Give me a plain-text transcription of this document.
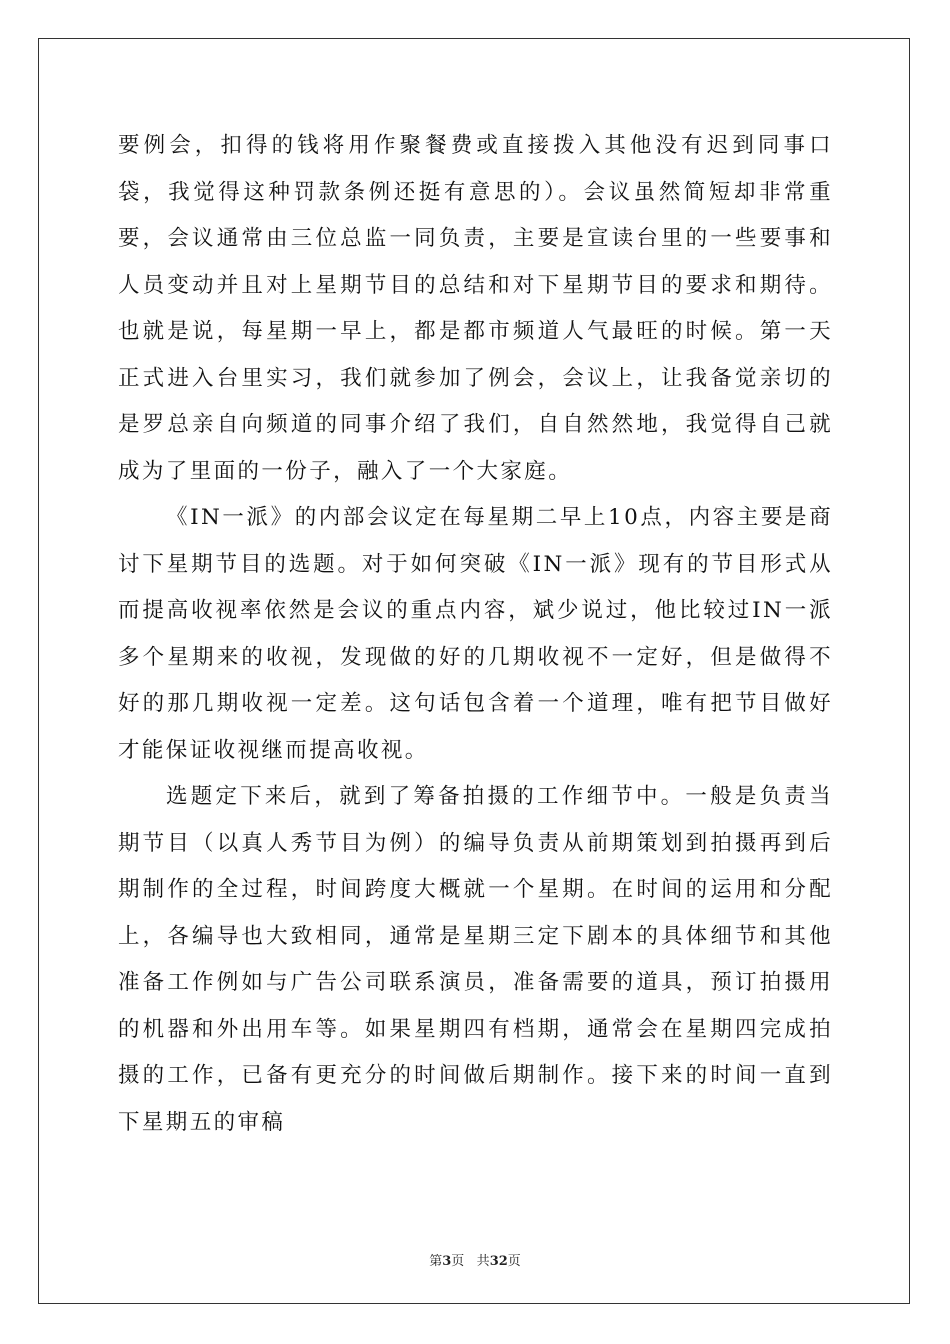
要例会，扣得的钱将用作聚餐费或直接拨入其他没有迟到同事口袋，我觉得这种罚款条例还挺有意思的）。会议虽然简短却非常重要，会议通常由三位总监一同负责，主要是宣读台里的一些要事和人员变动并且对上星期节目的总结和对下星期节目的要求和期待。也就是说，每星期一早上，都是都市频道人气最旺的时候。第一天正式进入台里实习，我们就参加了例会，会议上，让我备觉亲切的是罗总亲自向频道的同事介绍了我们，自自然然地，我觉得自己就成为了里面的一份子，融入了一个大家庭。

《IN一派》的内部会议定在每星期二早上10点，内容主要是商讨下星期节目的选题。对于如何突破《IN一派》现有的节目形式从而提高收视率依然是会议的重点内容，斌少说过，他比较过IN一派多个星期来的收视，发现做的好的几期收视不一定好，但是做得不好的那几期收视一定差。这句话包含着一个道理，唯有把节目做好才能保证收视继而提高收视。

选题定下来后，就到了筹备拍摄的工作细节中。一般是负责当期节目（以真人秀节目为例）的编导负责从前期策划到拍摄再到后期制作的全过程，时间跨度大概就一个星期。在时间的运用和分配上，各编导也大致相同，通常是星期三定下剧本的具体细节和其他准备工作例如与广告公司联系演员，准备需要的道具，预订拍摄用的机器和外出用车等。如果星期四有档期，通常会在星期四完成拍摄的工作，已备有更充分的时间做后期制作。接下来的时间一直到下星期五的审稿

第3页 共32页
